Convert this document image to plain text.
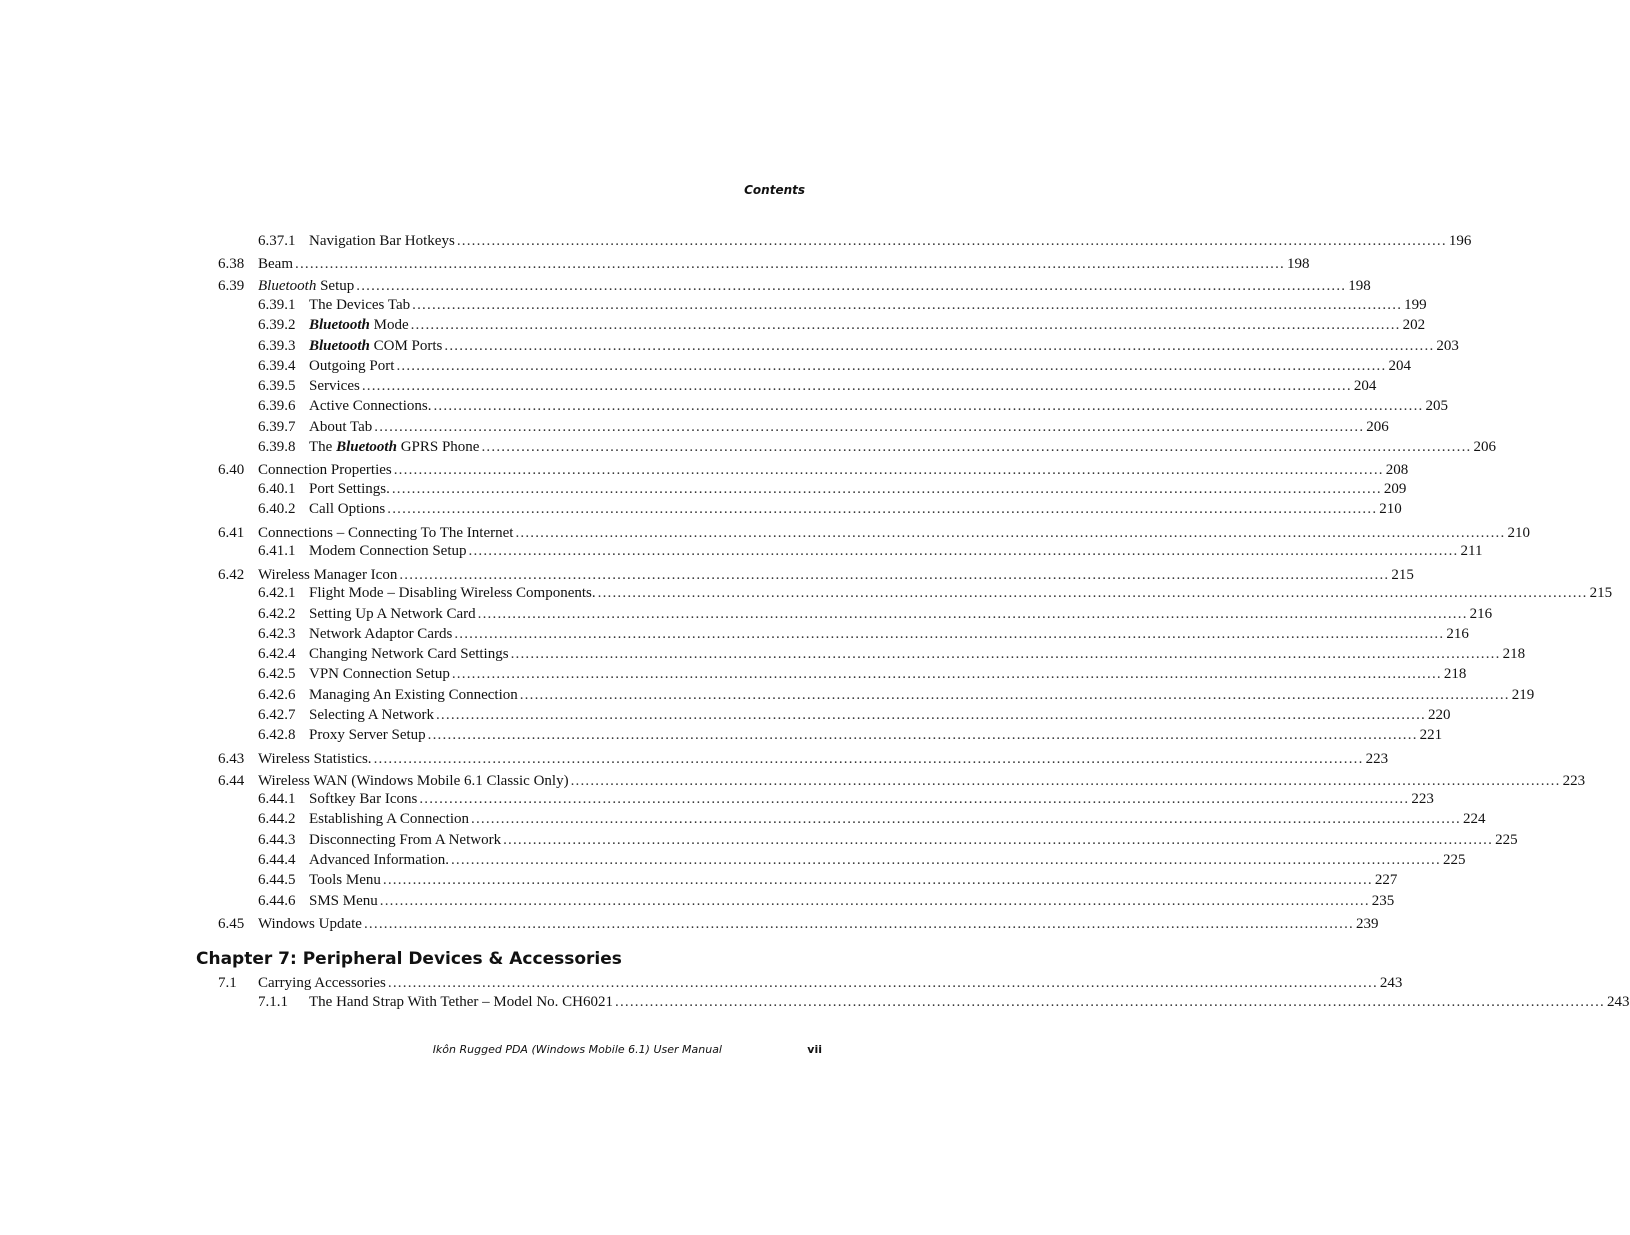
Contents
6.37.1 Navigation Bar Hotkeys ........................................................................................................................................................................................................ 196
6.38 Beam ........................................................................................................................................................................................................ 198
6.39 Bluetooth Setup ........................................................................................................................................................................................................ 198
6.39.1 The Devices Tab ........................................................................................................................................................................................................ 199
6.39.2 Bluetooth Mode ........................................................................................................................................................................................................ 202
6.39.3 Bluetooth COM Ports ........................................................................................................................................................................................................ 203
6.39.4 Outgoing Port ........................................................................................................................................................................................................ 204
6.39.5 Services ........................................................................................................................................................................................................ 204
6.39.6 Active Connections. ........................................................................................................................................................................................................ 205
6.39.7 About Tab ........................................................................................................................................................................................................ 206
6.39.8 The Bluetooth GPRS Phone ........................................................................................................................................................................................................ 206
6.40 Connection Properties ........................................................................................................................................................................................................ 208
6.40.1 Port Settings. ........................................................................................................................................................................................................ 209
6.40.2 Call Options ........................................................................................................................................................................................................ 210
6.41 Connections – Connecting To The Internet ........................................................................................................................................................................................................ 210
6.41.1 Modem Connection Setup ........................................................................................................................................................................................................ 211
6.42 Wireless Manager Icon ........................................................................................................................................................................................................ 215
6.42.1 Flight Mode – Disabling Wireless Components. ........................................................................................................................................................................................................ 215
6.42.2 Setting Up A Network Card ........................................................................................................................................................................................................ 216
6.42.3 Network Adaptor Cards ........................................................................................................................................................................................................ 216
6.42.4 Changing Network Card Settings ........................................................................................................................................................................................................ 218
6.42.5 VPN Connection Setup ........................................................................................................................................................................................................ 218
6.42.6 Managing An Existing Connection ........................................................................................................................................................................................................ 219
6.42.7 Selecting A Network ........................................................................................................................................................................................................ 220
6.42.8 Proxy Server Setup ........................................................................................................................................................................................................ 221
6.43 Wireless Statistics. ........................................................................................................................................................................................................ 223
6.44 Wireless WAN (Windows Mobile 6.1 Classic Only) ........................................................................................................................................................................................................ 223
6.44.1 Softkey Bar Icons ........................................................................................................................................................................................................ 223
6.44.2 Establishing A Connection ........................................................................................................................................................................................................ 224
6.44.3 Disconnecting From A Network ........................................................................................................................................................................................................ 225
6.44.4 Advanced Information. ........................................................................................................................................................................................................ 225
6.44.5 Tools Menu ........................................................................................................................................................................................................ 227
6.44.6 SMS Menu ........................................................................................................................................................................................................ 235
6.45 Windows Update ........................................................................................................................................................................................................ 239
7.1	Carrying Accessories ........................................................................................................................................................................................................ 243
7.1.1	The Hand Strap With Tether – Model No. CH6021 ........................................................................................................................................................................................................ 243
Chapter 7: Peripheral Devices & Accessories
Ikôn Rugged PDA (Windows Mobile 6.1) User Manual	vii
